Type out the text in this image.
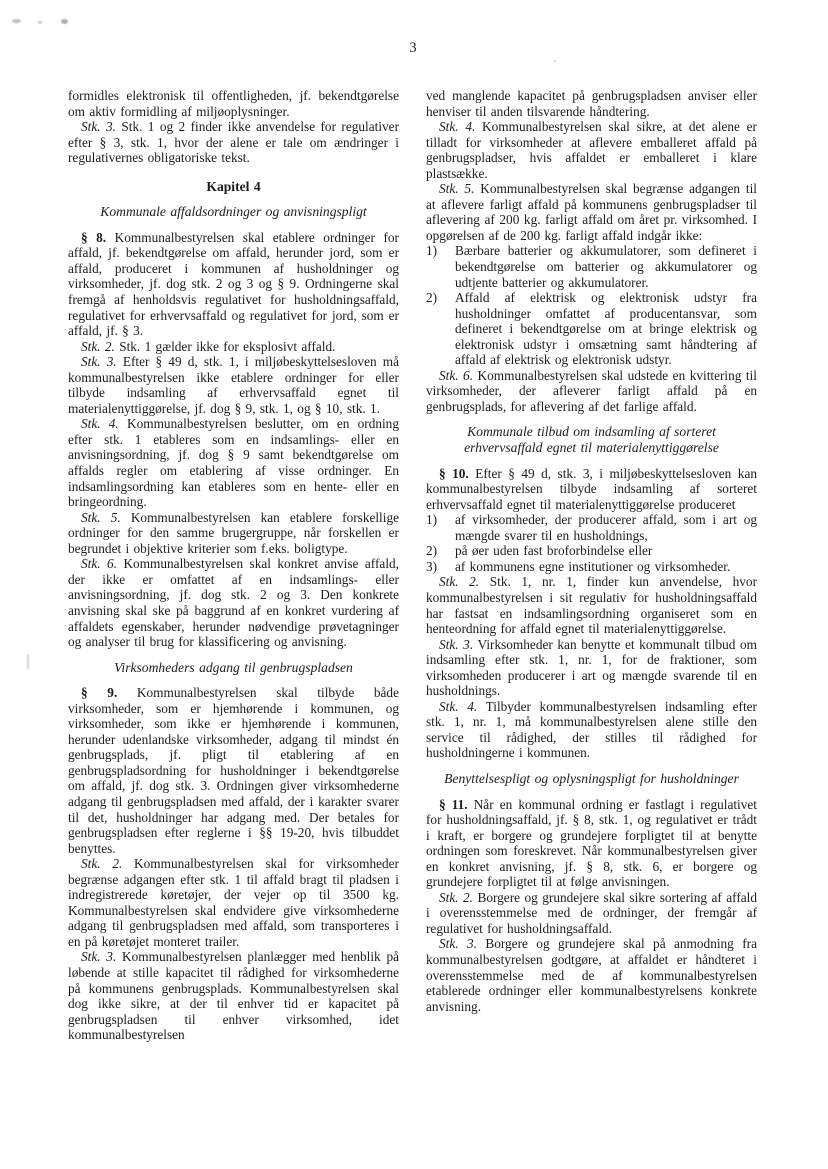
3

formidles elektronisk til offentligheden, jf. bekendtgørelse om aktiv formidling af miljøoplysninger.

Stk. 3. Stk. 1 og 2 finder ikke anvendelse for regulativer efter § 3, stk. 1, hvor der alene er tale om ændringer i regulativernes obligatoriske tekst.

Kapitel 4
Kommunale affaldsordninger og anvisningspligt

§ 8. Kommunalbestyrelsen skal etablere ordninger for affald, jf. bekendtgørelse om affald, herunder jord, som er affald, produceret i kommunen af husholdninger og virksomheder, jf. dog stk. 2 og 3 og § 9. Ordningerne skal fremgå af henholdsvis regulativet for husholdningsaffald, regulativet for erhvervsaffald og regulativet for jord, som er affald, jf. § 3.

Stk. 2. Stk. 1 gælder ikke for eksplosivt affald.

Stk. 3. Efter § 49 d, stk. 1, i miljøbeskyttelsesloven må kommunalbestyrelsen ikke etablere ordninger for eller tilbyde indsamling af erhvervsaffald egnet til materialenyttiggørelse, jf. dog § 9, stk. 1, og § 10, stk. 1.

Stk. 4. Kommunalbestyrelsen beslutter, om en ordning efter stk. 1 etableres som en indsamlings- eller en anvisningsordning, jf. dog § 9 samt bekendtgørelse om affalds regler om etablering af visse ordninger. En indsamlingsordning kan etableres som en hente- eller en bringeordning.

Stk. 5. Kommunalbestyrelsen kan etablere forskellige ordninger for den samme brugergruppe, når forskellen er begrundet i objektive kriterier som f.eks. boligtype.

Stk. 6. Kommunalbestyrelsen skal konkret anvise affald, der ikke er omfattet af en indsamlings- eller anvisningsordning, jf. dog stk. 2 og 3. Den konkrete anvisning skal ske på baggrund af en konkret vurdering af affaldets egenskaber, herunder nødvendige prøvetagninger og analyser til brug for klassificering og anvisning.

Virksomheders adgang til genbrugspladsen

§ 9. Kommunalbestyrelsen skal tilbyde både virksomheder, som er hjemhørende i kommunen, og virksomheder, som ikke er hjemhørende i kommunen, herunder udenlandske virksomheder, adgang til mindst én genbrugsplads, jf. pligt til etablering af en genbrugspladsordning for husholdninger i bekendtgørelse om affald, jf. dog stk. 3. Ordningen giver virksomhederne adgang til genbrugspladsen med affald, der i karakter svarer til det, husholdninger har adgang med. Der betales for genbrugspladsen efter reglerne i §§ 19-20, hvis tilbuddet benyttes.

Stk. 2. Kommunalbestyrelsen skal for virksomheder begrænse adgangen efter stk. 1 til affald bragt til pladsen i indregistrerede køretøjer, der vejer op til 3500 kg. Kommunalbestyrelsen skal endvidere give virksomhederne adgang til genbrugspladsen med affald, som transporteres i en på køretøjet monteret trailer.

Stk. 3. Kommunalbestyrelsen planlægger med henblik på løbende at stille kapacitet til rådighed for virksomhederne på kommunens genbrugsplads. Kommunalbestyrelsen skal dog ikke sikre, at der til enhver tid er kapacitet på genbrugspladsen til enhver virksomhed, idet kommunalbestyrelsen

ved manglende kapacitet på genbrugspladsen anviser eller henviser til anden tilsvarende håndtering.

Stk. 4. Kommunalbestyrelsen skal sikre, at det alene er tilladt for virksomheder at aflevere emballeret affald på genbrugspladser, hvis affaldet er emballeret i klare plastsække.

Stk. 5. Kommunalbestyrelsen skal begrænse adgangen til at aflevere farligt affald på kommunens genbrugspladser til aflevering af 200 kg. farligt affald om året pr. virksomhed. I opgørelsen af de 200 kg. farligt affald indgår ikke:

1) Bærbare batterier og akkumulatorer, som defineret i bekendtgørelse om batterier og akkumulatorer og udtjente batterier og akkumulatorer.
2) Affald af elektrisk og elektronisk udstyr fra husholdninger omfattet af producentansvar, som defineret i bekendtgørelse om at bringe elektrisk og elektronisk udstyr i omsætning samt håndtering af affald af elektrisk og elektronisk udstyr.

Stk. 6. Kommunalbestyrelsen skal udstede en kvittering til virksomheder, der afleverer farligt affald på en genbrugsplads, for aflevering af det farlige affald.

Kommunale tilbud om indsamling af sorteret erhvervsaffald egnet til materialenyttiggørelse

§ 10. Efter § 49 d, stk. 3, i miljøbeskyttelsesloven kan kommunalbestyrelsen tilbyde indsamling af sorteret erhvervsaffald egnet til materialenyttiggørelse produceret

1) af virksomheder, der producerer affald, som i art og mængde svarer til en husholdnings,
2) på øer uden fast broforbindelse eller
3) af kommunens egne institutioner og virksomheder.

Stk. 2. Stk. 1, nr. 1, finder kun anvendelse, hvor kommunalbestyrelsen i sit regulativ for husholdningsaffald har fastsat en indsamlingsordning organiseret som en henteordning for affald egnet til materialenyttiggørelse.

Stk. 3. Virksomheder kan benytte et kommunalt tilbud om indsamling efter stk. 1, nr. 1, for de fraktioner, som virksomheden producerer i art og mængde svarende til en husholdnings.

Stk. 4. Tilbyder kommunalbestyrelsen indsamling efter stk. 1, nr. 1, må kommunalbestyrelsen alene stille den service til rådighed, der stilles til rådighed for husholdningerne i kommunen.

Benyttelsespligt og oplysningspligt for husholdninger

§ 11. Når en kommunal ordning er fastlagt i regulativet for husholdningsaffald, jf. § 8, stk. 1, og regulativet er trådt i kraft, er borgere og grundejere forpligtet til at benytte ordningen som foreskrevet. Når kommunalbestyrelsen giver en konkret anvisning, jf. § 8, stk. 6, er borgere og grundejere forpligtet til at følge anvisningen.

Stk. 2. Borgere og grundejere skal sikre sortering af affald i overensstemmelse med de ordninger, der fremgår af regulativet for husholdningsaffald.

Stk. 3. Borgere og grundejere skal på anmodning fra kommunalbestyrelsen godtgøre, at affaldet er håndteret i overensstemmelse med de af kommunalbestyrelsen etablerede ordninger eller kommunalbestyrelsens konkrete anvisning.
